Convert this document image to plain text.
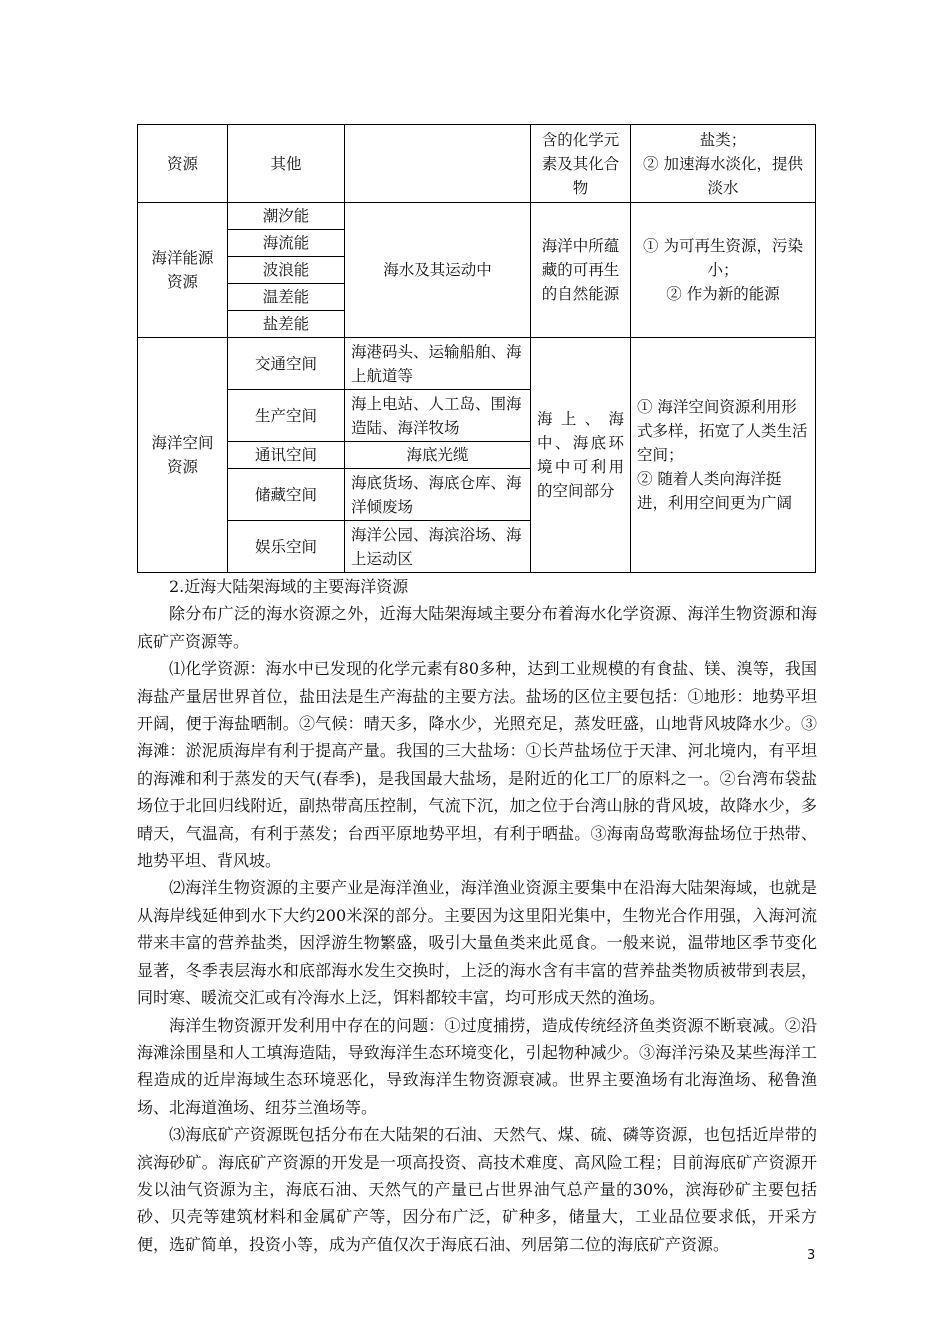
资源	其他		含的化学元素及其化合物	盐类；
② 加速海水淡化，提供淡水
海洋能源资源	潮汐能	海水及其运动中	海洋中所蕴藏的可再生的自然能源	① 为可再生资源，污染小；
② 作为新的能源
	海流能			
	波浪能			
	温差能			
	盐差能			
海洋空间资源	交通空间	海港码头、运输船舶、海上航道等	海上、海中、海底环境中可利用的空间部分	① 海洋空间资源利用形式多样，拓宽了人类生活空间；
② 随着人类向海洋挺进，利用空间更为广阔
	生产空间	海上电站、人工岛、围海造陆、海洋牧场		
	通讯空间	海底光缆		
	储藏空间	海底货场、海底仓库、海洋倾废场		
	娱乐空间	海洋公园、海滨浴场、海上运动区		

2.近海大陆架海域的主要海洋资源

除分布广泛的海水资源之外，近海大陆架海域主要分布着海水化学资源、海洋生物资源和海底矿产资源等。

⑴化学资源：海水中已发现的化学元素有80多种，达到工业规模的有食盐、镁、溴等，我国海盐产量居世界首位，盐田法是生产海盐的主要方法。盐场的区位主要包括：①地形：地势平坦开阔，便于海盐晒制。②气候：晴天多，降水少，光照充足，蒸发旺盛，山地背风坡降水少。③海滩：淤泥质海岸有利于提高产量。我国的三大盐场：①长芦盐场位于天津、河北境内，有平坦的海滩和利于蒸发的天气(春季)，是我国最大盐场，是附近的化工厂的原料之一。②台湾布袋盐场位于北回归线附近，副热带高压控制，气流下沉，加之位于台湾山脉的背风坡，故降水少，多晴天，气温高，有利于蒸发；台西平原地势平坦，有利于晒盐。③海南岛莺歌海盐场位于热带、地势平坦、背风坡。

⑵海洋生物资源的主要产业是海洋渔业，海洋渔业资源主要集中在沿海大陆架海域，也就是从海岸线延伸到水下大约200米深的部分。主要因为这里阳光集中，生物光合作用强，入海河流带来丰富的营养盐类，因浮游生物繁盛，吸引大量鱼类来此觅食。一般来说，温带地区季节变化显著，冬季表层海水和底部海水发生交换时，上泛的海水含有丰富的营养盐类物质被带到表层，同时寒、暖流交汇或有冷海水上泛，饵料都较丰富，均可形成天然的渔场。

海洋生物资源开发利用中存在的问题：①过度捕捞，造成传统经济鱼类资源不断衰减。②沿海滩涂围垦和人工填海造陆，导致海洋生态环境变化，引起物种减少。③海洋污染及某些海洋工程造成的近岸海域生态环境恶化，导致海洋生物资源衰减。世界主要渔场有北海渔场、秘鲁渔场、北海道渔场、纽芬兰渔场等。

⑶海底矿产资源既包括分布在大陆架的石油、天然气、煤、硫、磷等资源，也包括近岸带的滨海砂矿。海底矿产资源的开发是一项高投资、高技术难度、高风险工程；目前海底矿产资源开发以油气资源为主，海底石油、天然气的产量已占世界油气总产量的30%，滨海砂矿主要包括砂、贝壳等建筑材料和金属矿产等，因分布广泛，矿种多，储量大，工业品位要求低，开采方便，选矿简单，投资小等，成为产值仅次于海底石油、列居第二位的海底矿产资源。

3
